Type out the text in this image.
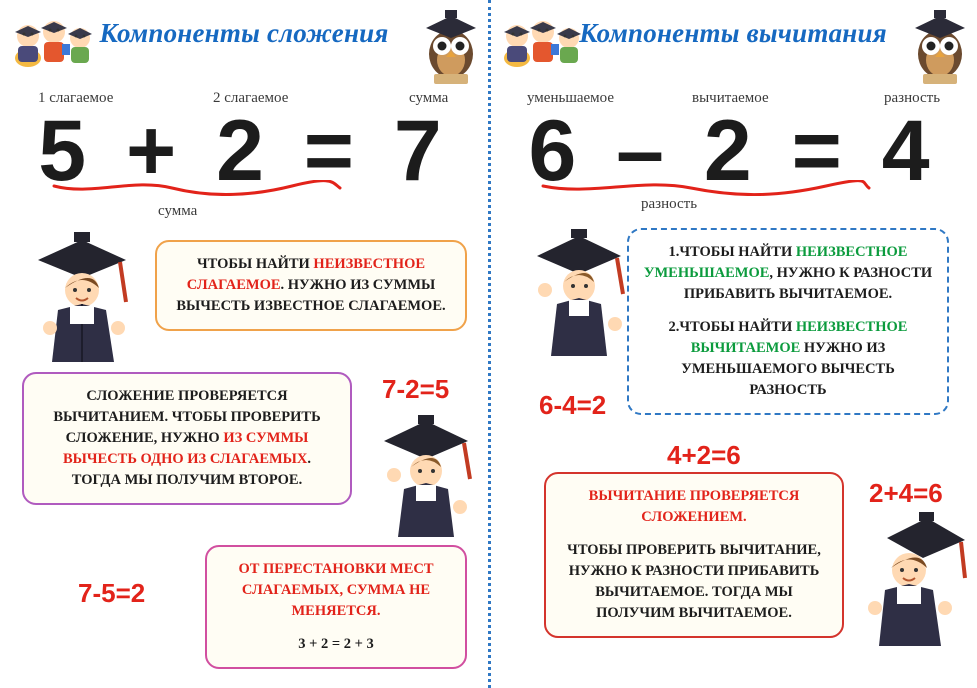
1 слагаемое	2 слагаемое	сумма
5 + 2 = 7
сумма

ЧТОБЫ НАЙТИ НЕИЗВЕСТНОЕ СЛАГАЕМОЕ. НУЖНО ИЗ СУММЫ ВЫЧЕСТЬ ИЗВЕСТНОЕ СЛАГАЕМОЕ.

СЛОЖЕНИЕ ПРОВЕРЯЕТСЯ ВЫЧИТАНИЕМ. ЧТОБЫ ПРОВЕРИТЬ СЛОЖЕНИЕ, НУЖНО ИЗ СУММЫ ВЫЧЕСТЬ ОДНО ИЗ СЛАГАЕМЫХ. ТОГДА МЫ ПОЛУЧИМ ВТОРОЕ.

7-2=5
7-5=2

ОТ ПЕРЕСТАНОВКИ МЕСТ СЛАГАЕМЫХ, СУММА НЕ МЕНЯЕТСЯ.

3 + 2 = 2 + 3

уменьшаемое	вычитаемое	разность
6 – 2 = 4
разность

1.ЧТОБЫ НАЙТИ НЕИЗВЕСТНОЕ УМЕНЬШАЕМОЕ, НУЖНО К РАЗНОСТИ ПРИБАВИТЬ ВЫЧИТАЕМОЕ.

2.ЧТОБЫ НАЙТИ НЕИЗВЕСТНОЕ ВЫЧИТАЕМОЕ НУЖНО ИЗ УМЕНЬШАЕМОГО ВЫЧЕСТЬ РАЗНОСТЬ

6-4=2
4+2=6
2+4=6

ВЫЧИТАНИЕ ПРОВЕРЯЕТСЯ СЛОЖЕНИЕМ.

ЧТОБЫ ПРОВЕРИТЬ ВЫЧИТАНИЕ, НУЖНО К РАЗНОСТИ ПРИБАВИТЬ ВЫЧИТАЕМОЕ. ТОГДА МЫ ПОЛУЧИМ ВЫЧИТАЕМОЕ.

Компоненты сложения	Компоненты вычитания
